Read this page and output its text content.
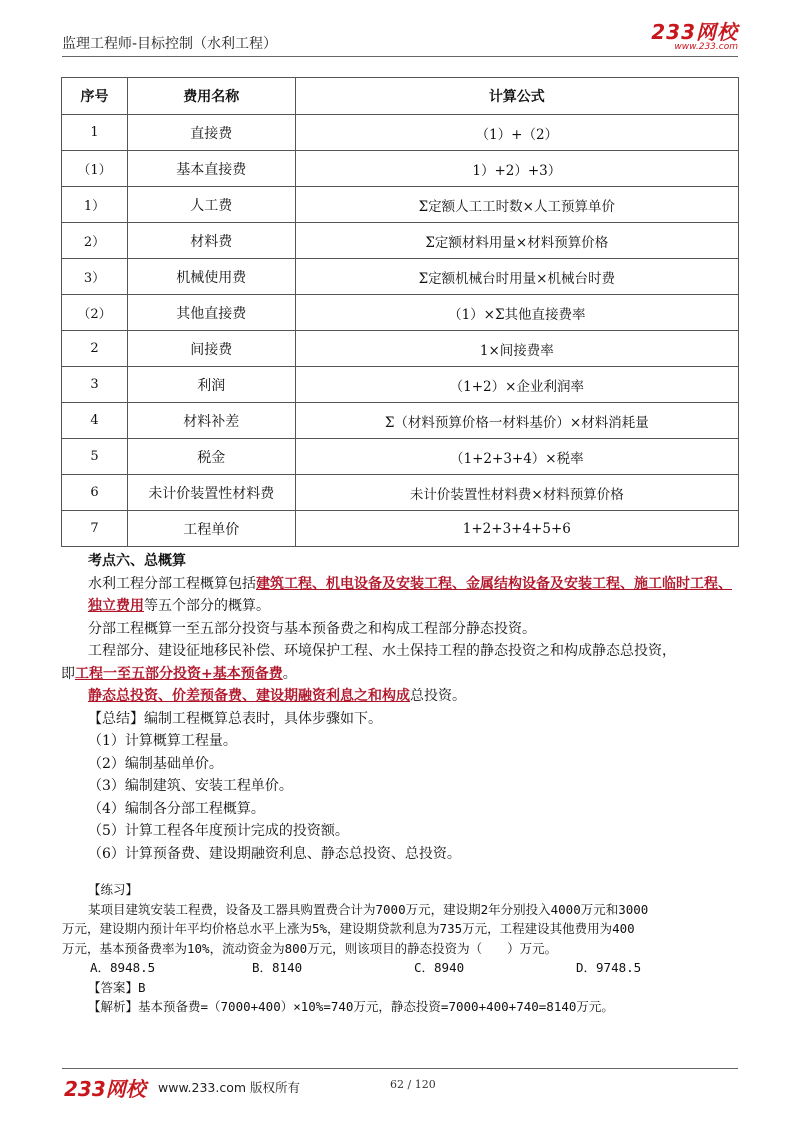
监理工程师-目标控制（水利工程）	233网校
www.233.com
序号	费用名称	计算公式
1	直接费	（1）+（2）
（1）	基本直接费	1）+2）+3）
1）	人工费	Σ定额人工工时数×人工预算单价
2）	材料费	Σ定额材料用量×材料预算价格
3）	机械使用费	Σ定额机械台时用量×机械台时费
（2）	其他直接费	（1）×Σ其他直接费率
2	间接费	1×间接费率
3	利润	（1+2）×企业利润率
4	材料补差	Σ（材料预算价格一材料基价）×材料消耗量
5	税金	（1+2+3+4）×税率
6	未计价装置性材料费	未计价装置性材料费×材料预算价格
7	工程单价	1+2+3+4+5+6

考点六、总概算

水利工程分部工程概算包括建筑工程、机电设备及安装工程、金属结构设备及安装工程、施工临时工程、独立费用等五个部分的概算。

分部工程概算一至五部分投资与基本预备费之和构成工程部分静态投资。

工程部分、建设征地移民补偿、环境保护工程、水土保持工程的静态投资之和构成静态总投资，

即工程一至五部分投资+基本预备费。

静态总投资、价差预备费、建设期融资利息之和构成总投资。

【总结】编制工程概算总表时，具体步骤如下。

（1）计算概算工程量。

（2）编制基础单价。

（3）编制建筑、安装工程单价。

（4）编制各分部工程概算。

（5）计算工程各年度预计完成的投资额。

（6）计算预备费、建设期融资利息、静态总投资、总投资。

【练习】

某项目建筑安装工程费，设备及工器具购置费合计为7000万元，建设期2年分别投入4000万元和3000

万元，建设期内预计年平均价格总水平上涨为5%，建设期贷款利息为735万元，工程建设其他费用为400

万元，基本预备费率为10%，流动资金为800万元，则该项目的静态投资为（　　）万元。

A．8948.5	B．8140	C．8940	D．9748.5

【答案】B

【解析】基本预备费=（7000+400）×10%=740万元，静态投资=7000+400+740=8140万元。

233网校 www.233.com 版权所有	62 / 120
